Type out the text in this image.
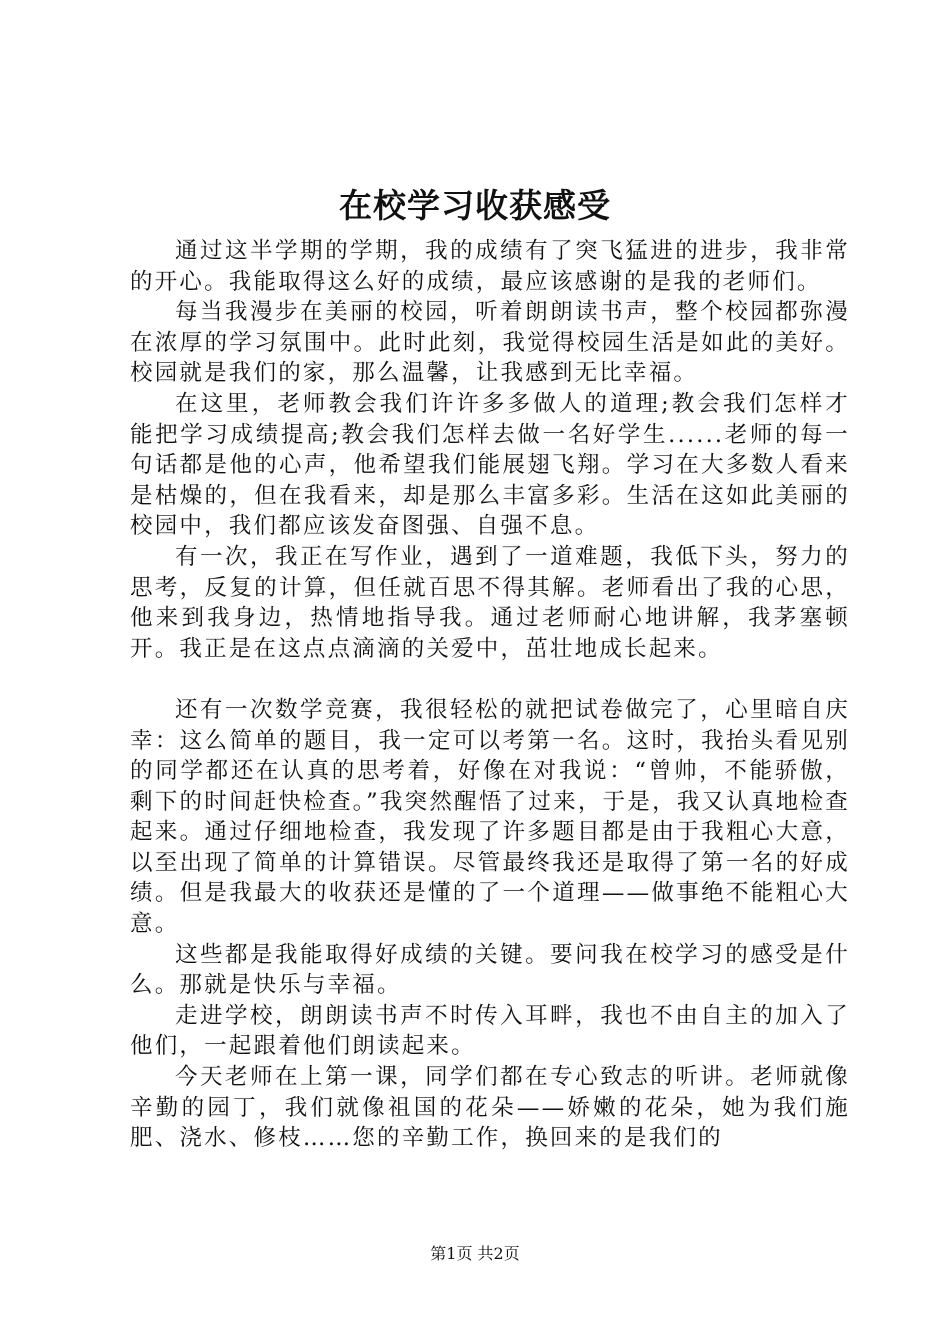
在校学习收获感受

通过这半学期的学期，我的成绩有了突飞猛进的进步，我非常的开心。我能取得这么好的成绩，最应该感谢的是我的老师们。

每当我漫步在美丽的校园，听着朗朗读书声，整个校园都弥漫在浓厚的学习氛围中。此时此刻，我觉得校园生活是如此的美好。校园就是我们的家，那么温馨，让我感到无比幸福。

在这里，老师教会我们许许多多做人的道理;教会我们怎样才能把学习成绩提高;教会我们怎样去做一名好学生......老师的每一句话都是他的心声，他希望我们能展翅飞翔。学习在大多数人看来是枯燥的，但在我看来，却是那么丰富多彩。生活在这如此美丽的校园中，我们都应该发奋图强、自强不息。

有一次，我正在写作业，遇到了一道难题，我低下头，努力的思考，反复的计算，但任就百思不得其解。老师看出了我的心思，他来到我身边，热情地指导我。通过老师耐心地讲解，我茅塞顿开。我正是在这点点滴滴的关爱中，茁壮地成长起来。

还有一次数学竞赛，我很轻松的就把试卷做完了，心里暗自庆幸：这么简单的题目，我一定可以考第一名。这时，我抬头看见别的同学都还在认真的思考着，好像在对我说：“曾帅，不能骄傲，剩下的时间赶快检查。”我突然醒悟了过来，于是，我又认真地检查起来。通过仔细地检查，我发现了许多题目都是由于我粗心大意，以至出现了简单的计算错误。尽管最终我还是取得了第一名的好成绩。但是我最大的收获还是懂的了一个道理——做事绝不能粗心大意。

这些都是我能取得好成绩的关键。要问我在校学习的感受是什么。那就是快乐与幸福。

走进学校，朗朗读书声不时传入耳畔，我也不由自主的加入了他们，一起跟着他们朗读起来。

今天老师在上第一课，同学们都在专心致志的听讲。老师就像辛勤的园丁，我们就像祖国的花朵——娇嫩的花朵，她为我们施肥、浇水、修枝……您的辛勤工作，换回来的是我们的

第1页 共2页
